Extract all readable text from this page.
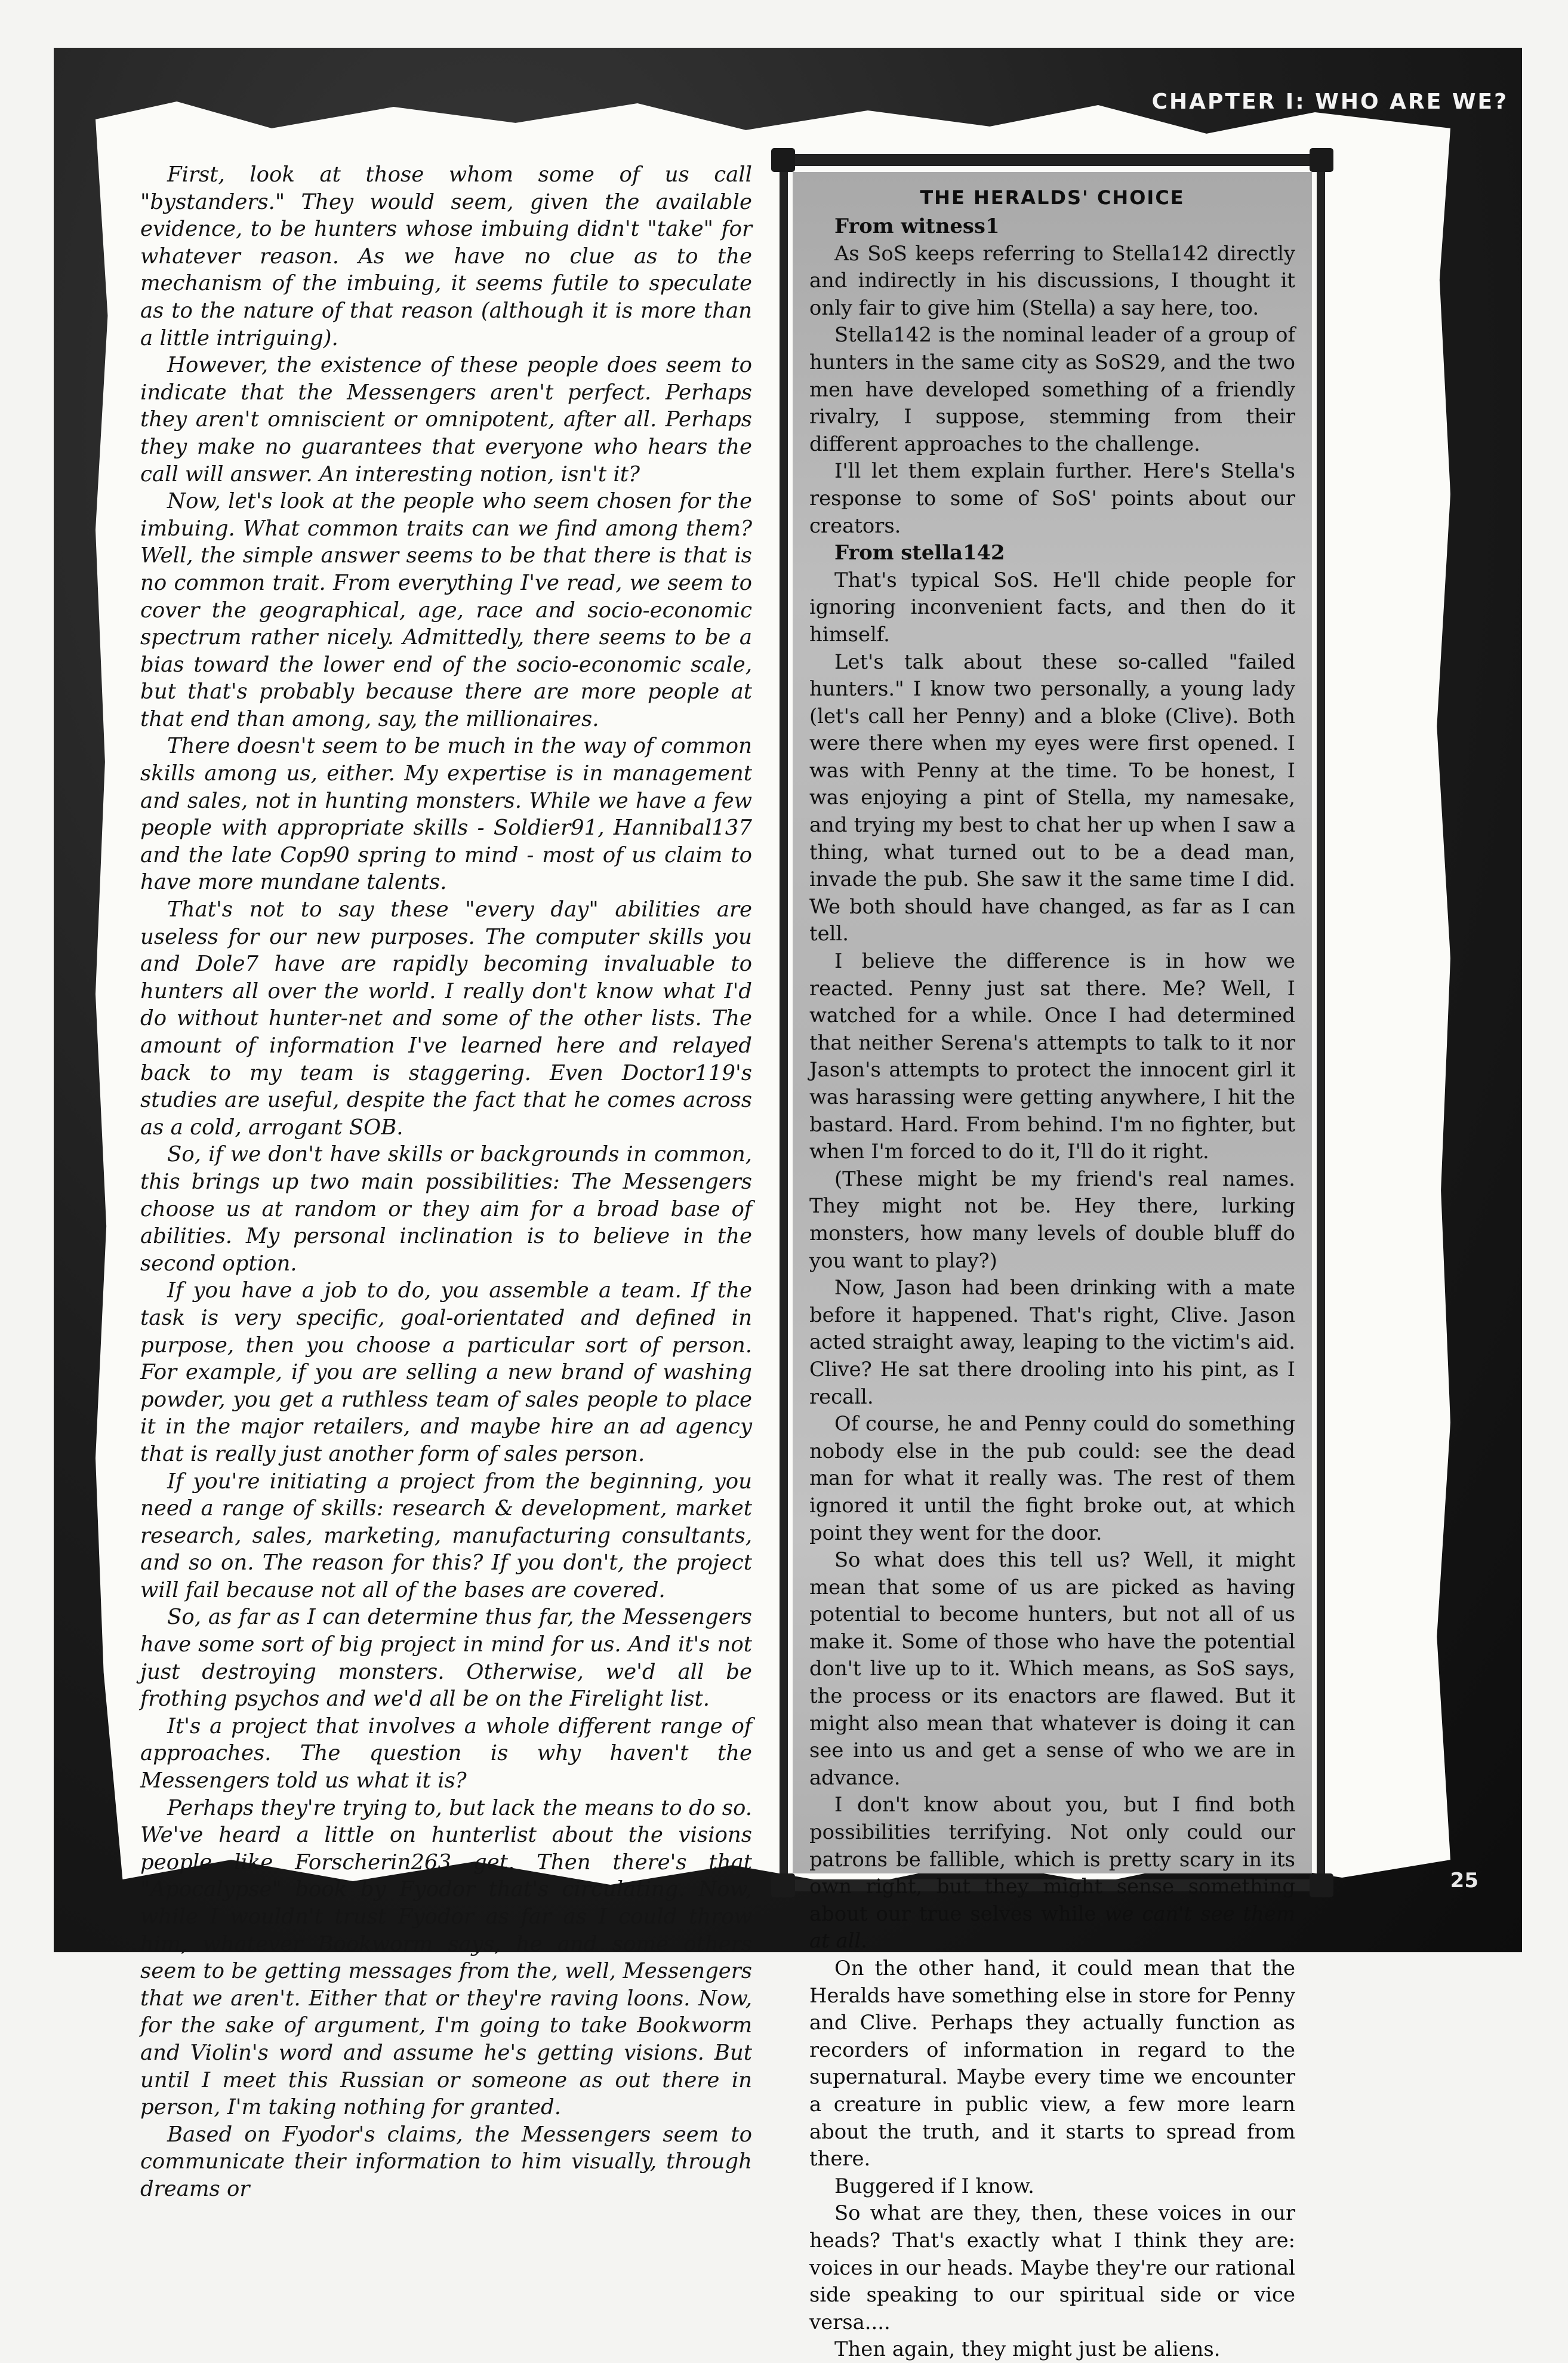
CHAPTER I: WHO ARE WE?
25

First, look at those whom some of us call "bystanders." They would seem, given the available evidence, to be hunters whose imbuing didn't "take" for whatever reason. As we have no clue as to the mechanism of the imbuing, it seems futile to speculate as to the nature of that reason (although it is more than a little intriguing).

However, the existence of these people does seem to indicate that the Messengers aren't perfect. Perhaps they aren't omniscient or omnipotent, after all. Perhaps they make no guarantees that everyone who hears the call will answer. An interesting notion, isn't it?

Now, let's look at the people who seem chosen for the imbuing. What common traits can we find among them? Well, the simple answer seems to be that there is that is no common trait. From everything I've read, we seem to cover the geographical, age, race and socio-economic spectrum rather nicely. Admittedly, there seems to be a bias toward the lower end of the socio-economic scale, but that's probably because there are more people at that end than among, say, the millionaires.

There doesn't seem to be much in the way of common skills among us, either. My expertise is in management and sales, not in hunting monsters. While we have a few people with appropriate skills - Soldier91, Hannibal137 and the late Cop90 spring to mind - most of us claim to have more mundane talents.

That's not to say these "every day" abilities are useless for our new purposes. The computer skills you and Dole7 have are rapidly becoming invaluable to hunters all over the world. I really don't know what I'd do without hunter-net and some of the other lists. The amount of information I've learned here and relayed back to my team is staggering. Even Doctor119's studies are useful, despite the fact that he comes across as a cold, arrogant SOB.

So, if we don't have skills or backgrounds in common, this brings up two main possibilities: The Messengers choose us at random or they aim for a broad base of abilities. My personal inclination is to believe in the second option.

If you have a job to do, you assemble a team. If the task is very specific, goal-orientated and defined in purpose, then you choose a particular sort of person. For example, if you are selling a new brand of washing powder, you get a ruthless team of sales people to place it in the major retailers, and maybe hire an ad agency that is really just another form of sales person.

If you're initiating a project from the beginning, you need a range of skills: research & development, market research, sales, marketing, manufacturing consultants, and so on. The reason for this? If you don't, the project will fail because not all of the bases are covered.

So, as far as I can determine thus far, the Messengers have some sort of big project in mind for us. And it's not just destroying monsters. Otherwise, we'd all be frothing psychos and we'd all be on the Firelight list.

It's a project that involves a whole different range of approaches. The question is why haven't the Messengers told us what it is?

Perhaps they're trying to, but lack the means to do so. We've heard a little on hunterlist about the visions people like Forscherin263 get. Then there's that "Apocalypse" book by Fyodor that's circulating. Now, while I wouldn't trust Fyodor as far as I could throw him, whatever Bookworm says, he and some others seem to be getting messages from the, well, Messengers that we aren't. Either that or they're raving loons. Now, for the sake of argument, I'm going to take Bookworm and Violin's word and assume he's getting visions. But until I meet this Russian or someone as out there in person, I'm taking nothing for granted.

Based on Fyodor's claims, the Messengers seem to communicate their information to him visually, through dreams or

THE HERALDS' CHOICE

From witness1

As SoS keeps referring to Stella142 directly and indirectly in his discussions, I thought it only fair to give him (Stella) a say here, too.

Stella142 is the nominal leader of a group of hunters in the same city as SoS29, and the two men have developed something of a friendly rivalry, I suppose, stemming from their different approaches to the challenge.

I'll let them explain further. Here's Stella's response to some of SoS' points about our creators.

From stella142

That's typical SoS. He'll chide people for ignoring inconvenient facts, and then do it himself.

Let's talk about these so-called "failed hunters." I know two personally, a young lady (let's call her Penny) and a bloke (Clive). Both were there when my eyes were first opened. I was with Penny at the time. To be honest, I was enjoying a pint of Stella, my namesake, and trying my best to chat her up when I saw a thing, what turned out to be a dead man, invade the pub. She saw it the same time I did. We both should have changed, as far as I can tell.

I believe the difference is in how we reacted. Penny just sat there. Me? Well, I watched for a while. Once I had determined that neither Serena's attempts to talk to it nor Jason's attempts to protect the innocent girl it was harassing were getting anywhere, I hit the bastard. Hard. From behind. I'm no fighter, but when I'm forced to do it, I'll do it right.

(These might be my friend's real names. They might not be. Hey there, lurking monsters, how many levels of double bluff do you want to play?)

Now, Jason had been drinking with a mate before it happened. That's right, Clive. Jason acted straight away, leaping to the victim's aid. Clive? He sat there drooling into his pint, as I recall.

Of course, he and Penny could do something nobody else in the pub could: see the dead man for what it really was. The rest of them ignored it until the fight broke out, at which point they went for the door.

So what does this tell us? Well, it might mean that some of us are picked as having potential to become hunters, but not all of us make it. Some of those who have the potential don't live up to it. Which means, as SoS says, the process or its enactors are flawed. But it might also mean that whatever is doing it can see into us and get a sense of who we are in advance.

I don't know about you, but I find both possibilities terrifying. Not only could our patrons be fallible, which is pretty scary in its own right, but they might sense something about our true selves while we can't see them at all.

On the other hand, it could mean that the Heralds have something else in store for Penny and Clive. Perhaps they actually function as recorders of information in regard to the supernatural. Maybe every time we encounter a creature in public view, a few more learn about the truth, and it starts to spread from there.

Buggered if I know.

So what are they, then, these voices in our heads? That's exactly what I think they are: voices in our heads. Maybe they're our rational side speaking to our spiritual side or vice versa....

Then again, they might just be aliens.
